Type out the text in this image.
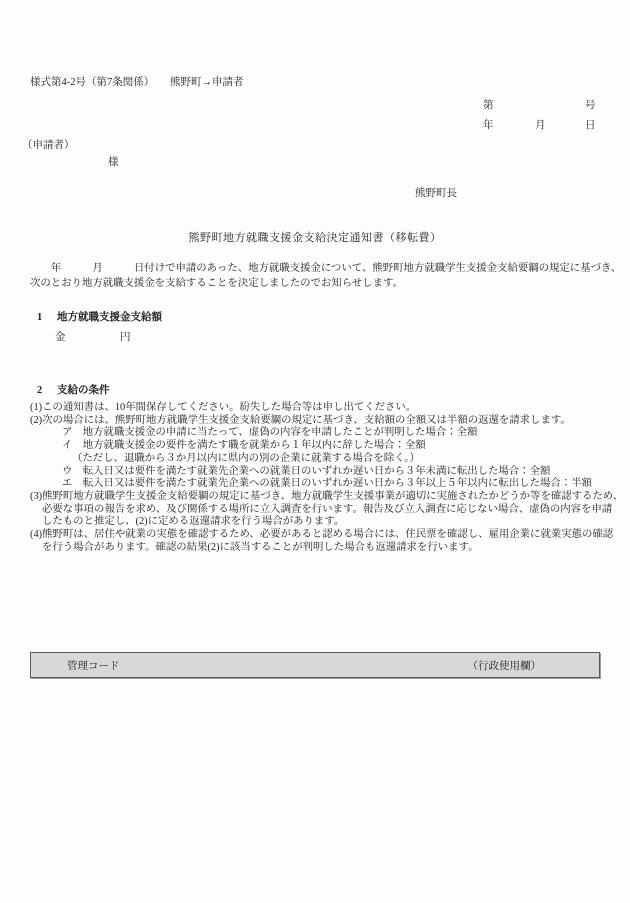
様式第4-2号（第7条関係）　　熊野町→申請者
第	号
年	月	日
（申請者）
様
熊野町長
熊野町地方就職支援金支給決定通知書（移転費）
　　年　　　月　　　日付けで申請のあった、地方就職支援金について、熊野町地方就職学生支援金支給要綱の規定に基づき、
次のとおり地方就職支援金を支給することを決定しましたのでお知らせします。
1	地方就職支援金支給額
金	円
2	支給の条件
(1)この通知書は、10年間保存してください。紛失した場合等は申し出てください。
(2)次の場合には、熊野町地方就職学生支援金支給要綱の規定に基づき、支給額の全額又は半額の返還を請求します。
ア　地方就職支援金の申請に当たって、虚偽の内容を申請したことが判明した場合：全額
イ　地方就職支援金の要件を満たす職を就業から１年以内に辞した場合：全額
（ただし、退職から３か月以内に県内の別の企業に就業する場合を除く。）
ウ　転入日又は要件を満たす就業先企業への就業日のいずれか遅い日から３年未満に転出した場合：全額
エ　転入日又は要件を満たす就業先企業への就業日のいずれか遅い日から３年以上５年以内に転出した場合：半額
(3)熊野町地方就職学生支援金支給要綱の規定に基づき、地方就職学生支援事業が適切に実施されたかどうか等を確認するため、
必要な事項の報告を求め、及び関係する場所に立入調査を行います。報告及び立入調査に応じない場合、虚偽の内容を申請
したものと推定し、(2)に定める返還請求を行う場合があります。
(4)熊野町は、居住や就業の実態を確認するため、必要があると認める場合には、住民票を確認し、雇用企業に就業実態の確認
を行う場合があります。確認の結果(2)に該当することが判明した場合も返還請求を行います。
管理コード	（行政使用欄）
